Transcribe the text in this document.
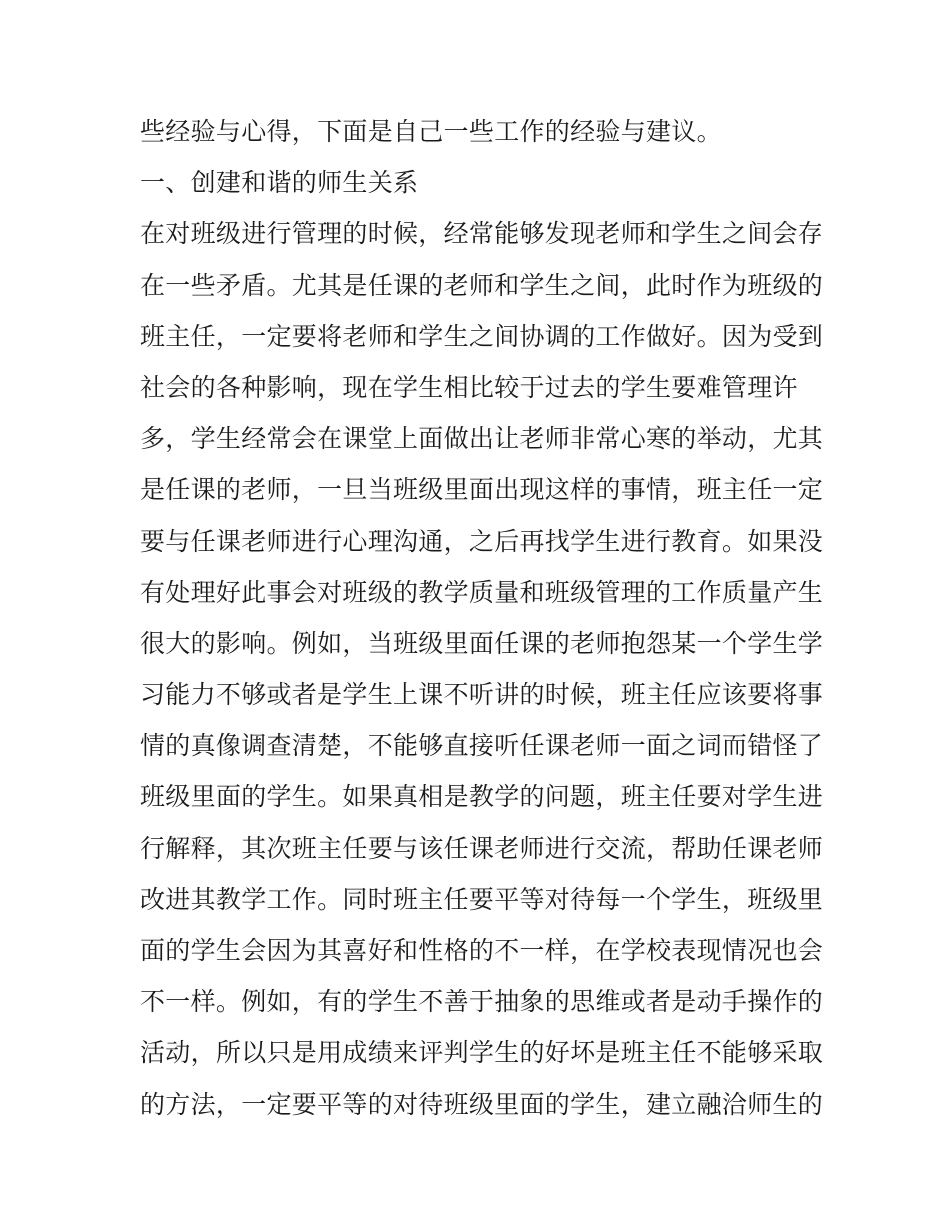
些经验与心得，下面是自己一些工作的经验与建议。
一、创建和谐的师生关系
在对班级进行管理的时候，经常能够发现老师和学生之间会存
在一些矛盾。尤其是任课的老师和学生之间，此时作为班级的
班主任，一定要将老师和学生之间协调的工作做好。因为受到
社会的各种影响，现在学生相比较于过去的学生要难管理许
多，学生经常会在课堂上面做出让老师非常心寒的举动，尤其
是任课的老师，一旦当班级里面出现这样的事情，班主任一定
要与任课老师进行心理沟通，之后再找学生进行教育。如果没
有处理好此事会对班级的教学质量和班级管理的工作质量产生
很大的影响。例如，当班级里面任课的老师抱怨某一个学生学
习能力不够或者是学生上课不听讲的时候，班主任应该要将事
情的真像调查清楚，不能够直接听任课老师一面之词而错怪了
班级里面的学生。如果真相是教学的问题，班主任要对学生进
行解释，其次班主任要与该任课老师进行交流，帮助任课老师
改进其教学工作。同时班主任要平等对待每一个学生，班级里
面的学生会因为其喜好和性格的不一样，在学校表现情况也会
不一样。例如，有的学生不善于抽象的思维或者是动手操作的
活动，所以只是用成绩来评判学生的好坏是班主任不能够采取
的方法，一定要平等的对待班级里面的学生，建立融洽师生的
